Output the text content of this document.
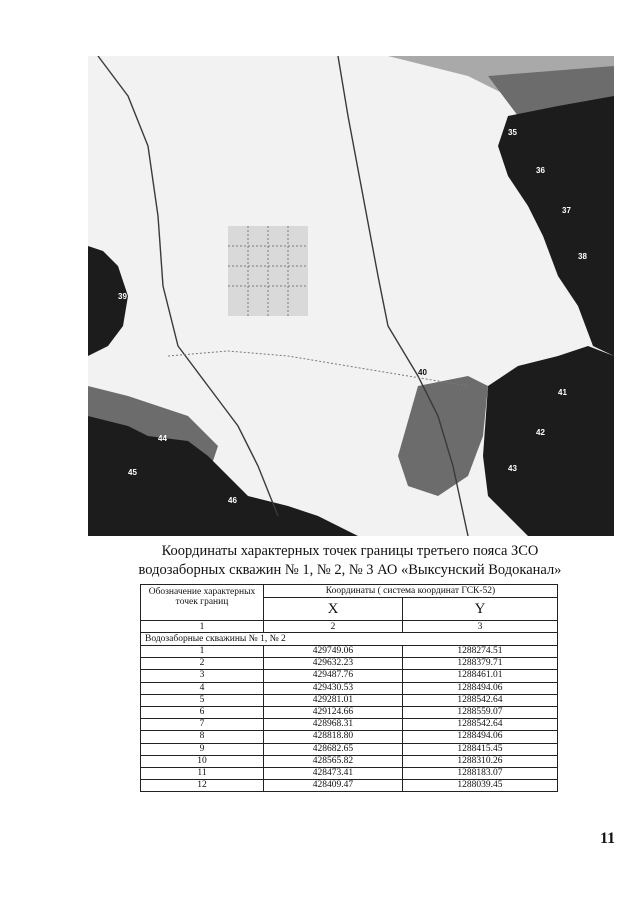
35
36
37
38
39
40
41
42
43
44
45
46
Координаты характерных точек границы третьего пояса ЗСО
водозаборных скважин № 1, № 2, № 3 АО «Выксунский Водоканал»
Обозначение характерных точек границ	Координаты ( система координат ГСК-52)	
	X	Y
1	2	3
Водозаборные скважины № 1, № 2		
1	429749.06	1288274.51
2	429632.23	1288379.71
3	429487.76	1288461.01
4	429430.53	1288494.06
5	429281.01	1288542.64
6	429124.66	1288559.07
7	428968.31	1288542.64
8	428818.80	1288494.06
9	428682.65	1288415.45
10	428565.82	1288310.26
11	428473.41	1288183.07
12	428409.47	1288039.45
11
